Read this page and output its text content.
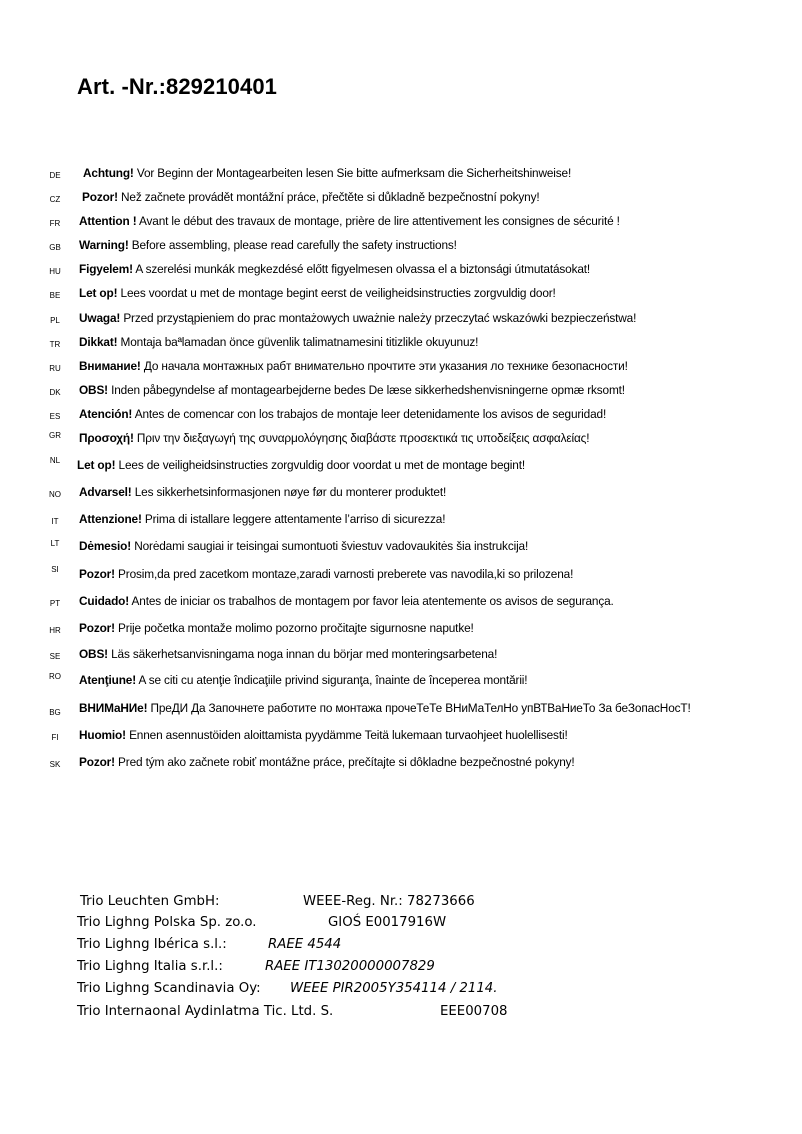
Art. -Nr.:829210401
DE	Achtung! Vor Beginn der Montagearbeiten lesen Sie bitte aufmerksam die Sicherheitshinweise!
CZ	Pozor! Než začnete provádět montážní práce, přečtěte si důkladně bezpečnostní pokyny!
FR	Attention ! Avant le début des travaux de montage, prière de lire attentivement les consignes de sécurité !
GB	Warning! Before assembling, please read carefully the safety instructions!
HU	Figyelem! A szerelési munkák megkezdésé előtt figyelmesen olvassa el a biztonsági útmutatásokat!
BE	Let op! Lees voordat u met de montage begint eerst de veiligheidsinstructies zorgvuldig door!
PL	Uwaga! Przed przystąpieniem do prac montażowych uważnie należy przeczytać wskazówki bezpieczeństwa!
TR	Dikkat! Montaja baªlamadan önce güvenlik talimatnamesini titizlikle okuyunuz!
RU	Внимание! До начала монтажных рабт внимательно прочтите эти указания ло технике безопасности!
DK	OBS! Inden påbegyndelse af montagearbejderne bedes De læse sikkerhedshenvisningerne opmæ rksomt!
ES	Atención! Antes de comencar con los trabajos de montaje leer detenidamente los avisos de seguridad!
GR	Προσοχή! Πριν την διεξαγωγή της συναρμολόγησης διαβάστε προσεκτικά τις υποδείξεις ασφαλείας!
NL	Let op! Lees de veiligheidsinstructies zorgvuldig door voordat u met de montage begint!
NO	Advarsel! Les sikkerhetsinformasjonen nøye før du monterer produktet!
IT	Attenzione! Prima di istallare leggere attentamente l’arriso di sicurezza!
LT	Dėmesio! Norėdami saugiai ir teisingai sumontuoti šviestuv vadovaukitės šia instrukcija!
SI	Pozor! Prosim,da pred zacetkom montaze,zaradi varnosti preberete vas navodila,ki so prilozena!
PT	Cuidado! Antes de iniciar os trabalhos de montagem por favor leia atentemente os avisos de segurança.
HR	Pozor! Prije početka montaže molimo pozorno pročitajte sigurnosne naputke!
SE	OBS! Läs säkerhetsanvisningama noga innan du börjar med monteringsarbetena!
RO	Atenţiune! A se citi cu atenţie îndicaţiile privind siguranţa, înainte de începerea montării!
BG	ВНИМаНИе! ПреДИ Да Започнете работите по монтажа прочеТеТе ВНиМаТелНо упВТВаНиеТо За беЗопасНосТ!
FI	Huomio! Ennen asennustöiden aloittamista pyydämme Teitä lukemaan turvaohjeet huolellisesti!
SK	Pozor! Pred tým ako začnete robiť montážne práce, prečítajte si dôkladne bezpečnostné pokyny!
Trio Leuchten GmbH:	WEEE-Reg. Nr.: 78273666
Trio Lighng Polska Sp. zo.o.	GIOŚ E0017916W
Trio Lighng Ibérica s.l.:	RAEE 4544
Trio Lighng Italia s.r.l.:	RAEE IT13020000007829
Trio Lighng Scandinavia Oy: WEEE PIR2005Y354114 / 2114.
Trio Internaonal Aydinlatma Tic. Ltd. S.	EEE00708
